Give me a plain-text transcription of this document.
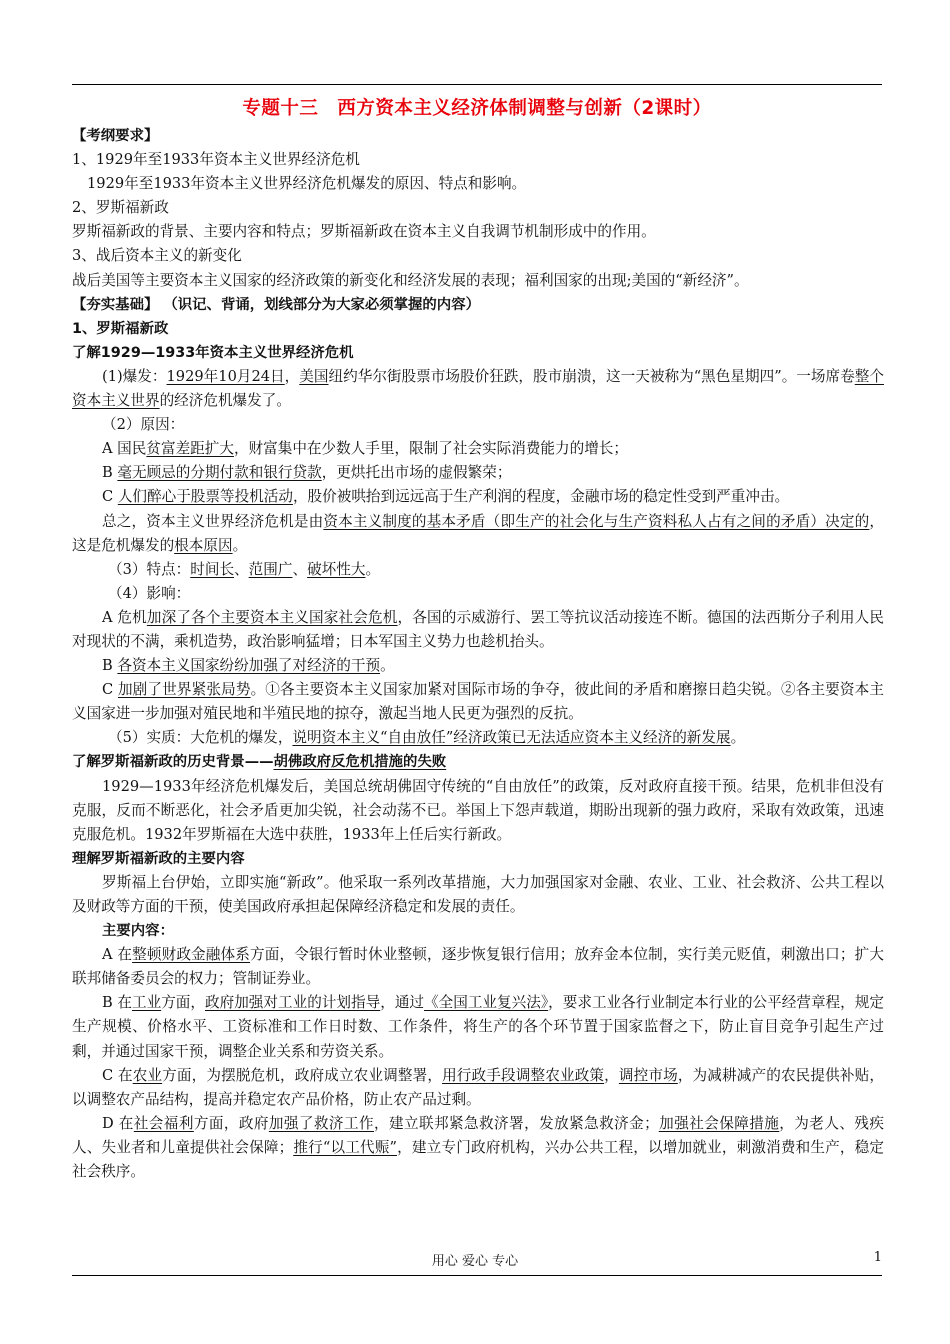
专题十三　西方资本主义经济体制调整与创新（2课时）

【考纲要求】

1、1929年至1933年资本主义世界经济危机

1929年至1933年资本主义世界经济危机爆发的原因、特点和影响。

2、罗斯福新政

罗斯福新政的背景、主要内容和特点；罗斯福新政在资本主义自我调节机制形成中的作用。

3、战后资本主义的新变化

战后美国等主要资本主义国家的经济政策的新变化和经济发展的表现；福利国家的出现;美国的“新经济”。

【夯实基础】 （识记、背诵，划线部分为大家必须掌握的内容）

1、罗斯福新政

了解1929—1933年资本主义世界经济危机

(1)爆发：1929年10月24日，美国纽约华尔街股票市场股价狂跌，股市崩溃，这一天被称为“黑色星期四”。一场席卷整个资本主义世界的经济危机爆发了。

（2）原因：

A 国民贫富差距扩大，财富集中在少数人手里，限制了社会实际消费能力的增长；

B 毫无顾忌的分期付款和银行贷款，更烘托出市场的虚假繁荣；

C 人们醉心于股票等投机活动，股价被哄抬到远远高于生产利润的程度，金融市场的稳定性受到严重冲击。

总之，资本主义世界经济危机是由资本主义制度的基本矛盾（即生产的社会化与生产资料私人占有之间的矛盾）决定的，这是危机爆发的根本原因。

（3）特点：时间长、范围广、破坏性大。

（4）影响：

A 危机加深了各个主要资本主义国家社会危机，各国的示威游行、罢工等抗议活动接连不断。德国的法西斯分子利用人民对现状的不满，乘机造势，政治影响猛增；日本军国主义势力也趁机抬头。

B 各资本主义国家纷纷加强了对经济的干预。

C 加剧了世界紧张局势。①各主要资本主义国家加紧对国际市场的争夺，彼此间的矛盾和磨擦日趋尖锐。②各主要资本主义国家进一步加强对殖民地和半殖民地的掠夺，激起当地人民更为强烈的反抗。

（5）实质：大危机的爆发，说明资本主义“自由放任”经济政策已无法适应资本主义经济的新发展。

了解罗斯福新政的历史背景——胡佛政府反危机措施的失败

1929—1933年经济危机爆发后，美国总统胡佛固守传统的“自由放任”的政策，反对政府直接干预。结果，危机非但没有克服，反而不断恶化，社会矛盾更加尖锐，社会动荡不已。举国上下怨声载道，期盼出现新的强力政府，采取有效政策，迅速克服危机。1932年罗斯福在大选中获胜，1933年上任后实行新政。

理解罗斯福新政的主要内容

罗斯福上台伊始，立即实施“新政”。他采取一系列改革措施，大力加强国家对金融、农业、工业、社会救济、公共工程以及财政等方面的干预，使美国政府承担起保障经济稳定和发展的责任。

主要内容：

A 在整顿财政金融体系方面，令银行暂时休业整顿，逐步恢复银行信用；放弃金本位制，实行美元贬值，刺激出口；扩大联邦储备委员会的权力；管制证券业。

B 在工业方面，政府加强对工业的计划指导，通过《全国工业复兴法》，要求工业各行业制定本行业的公平经营章程，规定生产规模、价格水平、工资标准和工作日时数、工作条件，将生产的各个环节置于国家监督之下，防止盲目竞争引起生产过剩，并通过国家干预，调整企业关系和劳资关系。

C 在农业方面，为摆脱危机，政府成立农业调整署，用行政手段调整农业政策，调控市场，为减耕减产的农民提供补贴，以调整农产品结构，提高并稳定农产品价格，防止农产品过剩。

D 在社会福利方面，政府加强了救济工作，建立联邦紧急救济署，发放紧急救济金；加强社会保障措施，为老人、残疾人、失业者和儿童提供社会保障；推行“以工代赈”，建立专门政府机构，兴办公共工程，以增加就业，刺激消费和生产，稳定社会秩序。

用心 爱心 专心	1
